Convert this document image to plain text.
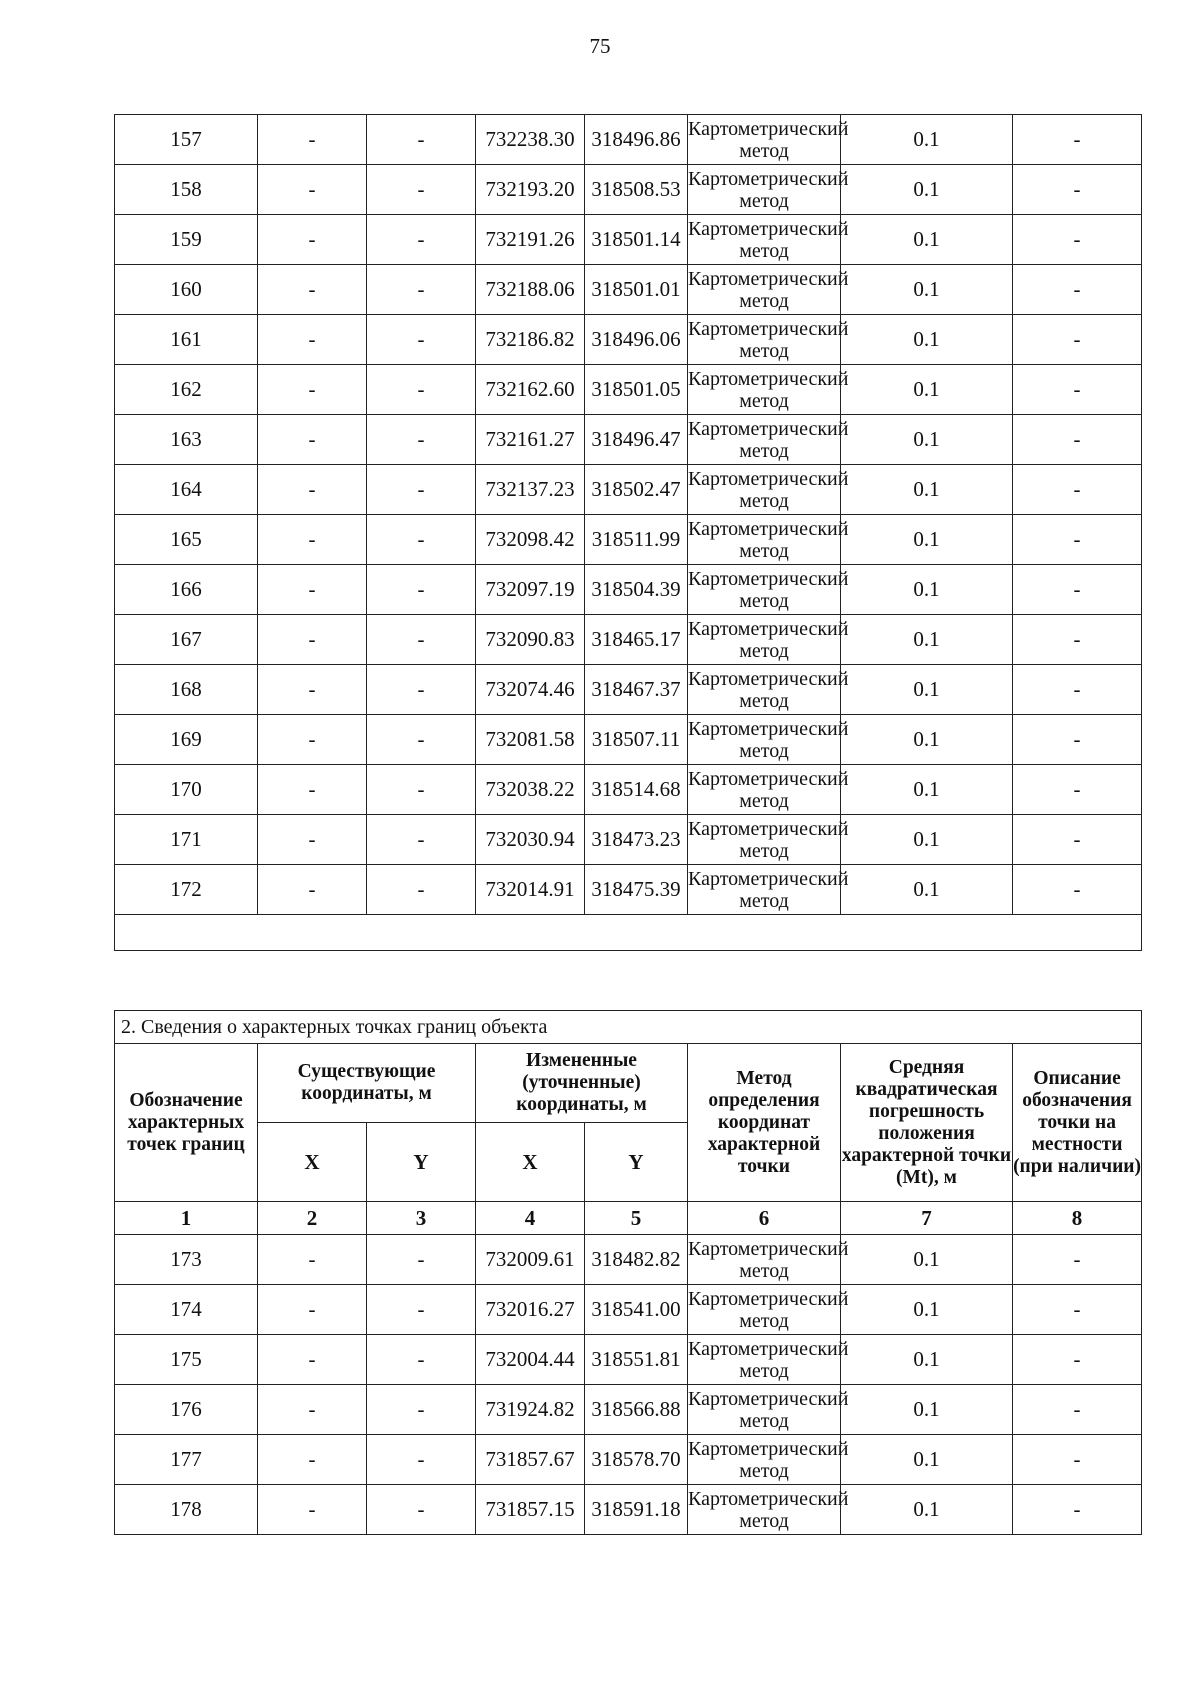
75
157	-	-	732238.30	318496.86	Картометрический метод	0.1	-
158	-	-	732193.20	318508.53	Картометрический метод	0.1	-
159	-	-	732191.26	318501.14	Картометрический метод	0.1	-
160	-	-	732188.06	318501.01	Картометрический метод	0.1	-
161	-	-	732186.82	318496.06	Картометрический метод	0.1	-
162	-	-	732162.60	318501.05	Картометрический метод	0.1	-
163	-	-	732161.27	318496.47	Картометрический метод	0.1	-
164	-	-	732137.23	318502.47	Картометрический метод	0.1	-
165	-	-	732098.42	318511.99	Картометрический метод	0.1	-
166	-	-	732097.19	318504.39	Картометрический метод	0.1	-
167	-	-	732090.83	318465.17	Картометрический метод	0.1	-
168	-	-	732074.46	318467.37	Картометрический метод	0.1	-
169	-	-	732081.58	318507.11	Картометрический метод	0.1	-
170	-	-	732038.22	318514.68	Картометрический метод	0.1	-
171	-	-	732030.94	318473.23	Картометрический метод	0.1	-
172	-	-	732014.91	318475.39	Картометрический метод	0.1	-

2. Сведения о характерных точках границ объекта							
Обозначение характерных точек границ	Существующие координаты, м		Измененные (уточненные) координаты, м		Метод определения координат характерной точки	Средняя квадратическая погрешность положения характерной точки (Mt), м	Описание обозначения точки на местности (при наличии)
	X	Y	X	Y			
1	2	3	4	5	6	7	8
173	-	-	732009.61	318482.82	Картометрический метод	0.1	-
174	-	-	732016.27	318541.00	Картометрический метод	0.1	-
175	-	-	732004.44	318551.81	Картометрический метод	0.1	-
176	-	-	731924.82	318566.88	Картометрический метод	0.1	-
177	-	-	731857.67	318578.70	Картометрический метод	0.1	-
178	-	-	731857.15	318591.18	Картометрический метод	0.1	-
